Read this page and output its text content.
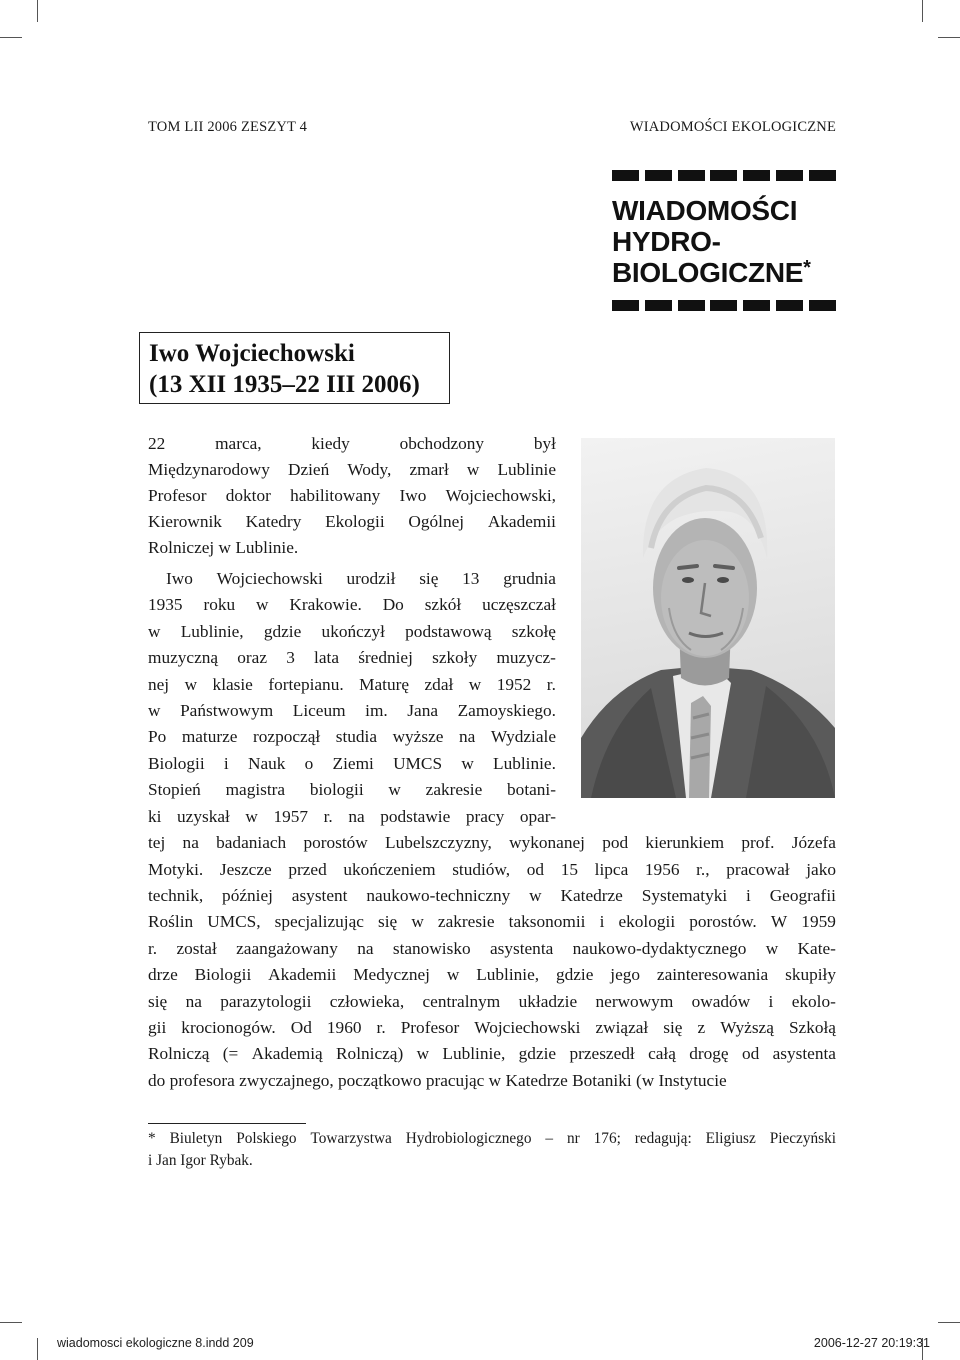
TOM LII 2006 ZESZYT 4	WIADOMOŚCI EKOLOGICZNE
WIADOMOŚCI
HYDRO-
BIOLOGICZNE*
Iwo Wojciechowski
(13 XII 1935–22 III 2006)
22	marca,	kiedy	obchodzony	był
Międzynarodowy Dzień Wody, zmarł w Lublinie
Profesor doktor habilitowany Iwo Wojciechowski,
Kierownik Katedry Ekologii Ogólnej Akademii
Rolniczej w Lublinie.
Iwo Wojciechowski urodził się 13 grudnia
1935 roku w Krakowie. Do szkół uczęszczał
w Lublinie, gdzie ukończył podstawową szkołę
muzyczną oraz 3 lata średniej szkoły muzycz-
nej w klasie fortepianu. Maturę zdał w 1952 r.
w Państwowym Liceum im. Jana Zamoyskiego.
Po maturze rozpoczął studia wyższe na Wydziale
Biologii i Nauk o Ziemi UMCS w Lublinie.
Stopień magistra biologii w zakresie botani-
ki uzyskał w 1957 r. na podstawie pracy opar-
tej na badaniach porostów Lubelszczyzny, wykonanej pod kierunkiem prof. Józefa
Motyki. Jeszcze przed ukończeniem studiów, od 15 lipca 1956 r., pracował jako
technik, później asystent naukowo-techniczny w Katedrze Systematyki i Geografii
Roślin UMCS, specjalizując się w zakresie taksonomii i ekologii porostów. W 1959
r. został zaangażowany na stanowisko asystenta naukowo-dydaktycznego w Kate-
drze Biologii Akademii Medycznej w Lublinie, gdzie jego zainteresowania skupiły
się na parazytologii człowieka, centralnym układzie nerwowym owadów i ekolo-
gii krocionogów. Od 1960 r. Profesor Wojciechowski związał się z Wyższą Szkołą
Rolniczą (= Akademią Rolniczą) w Lublinie, gdzie przeszedł całą drogę od asystenta
do profesora zwyczajnego, początkowo pracując w Katedrze Botaniki (w Instytucie
* Biuletyn Polskiego Towarzystwa Hydrobiologicznego – nr 176; redagują: Eligiusz Pieczyński
i Jan Igor Rybak.
wiadomosci ekologiczne 8.indd 209	2006-12-27 20:19:31
